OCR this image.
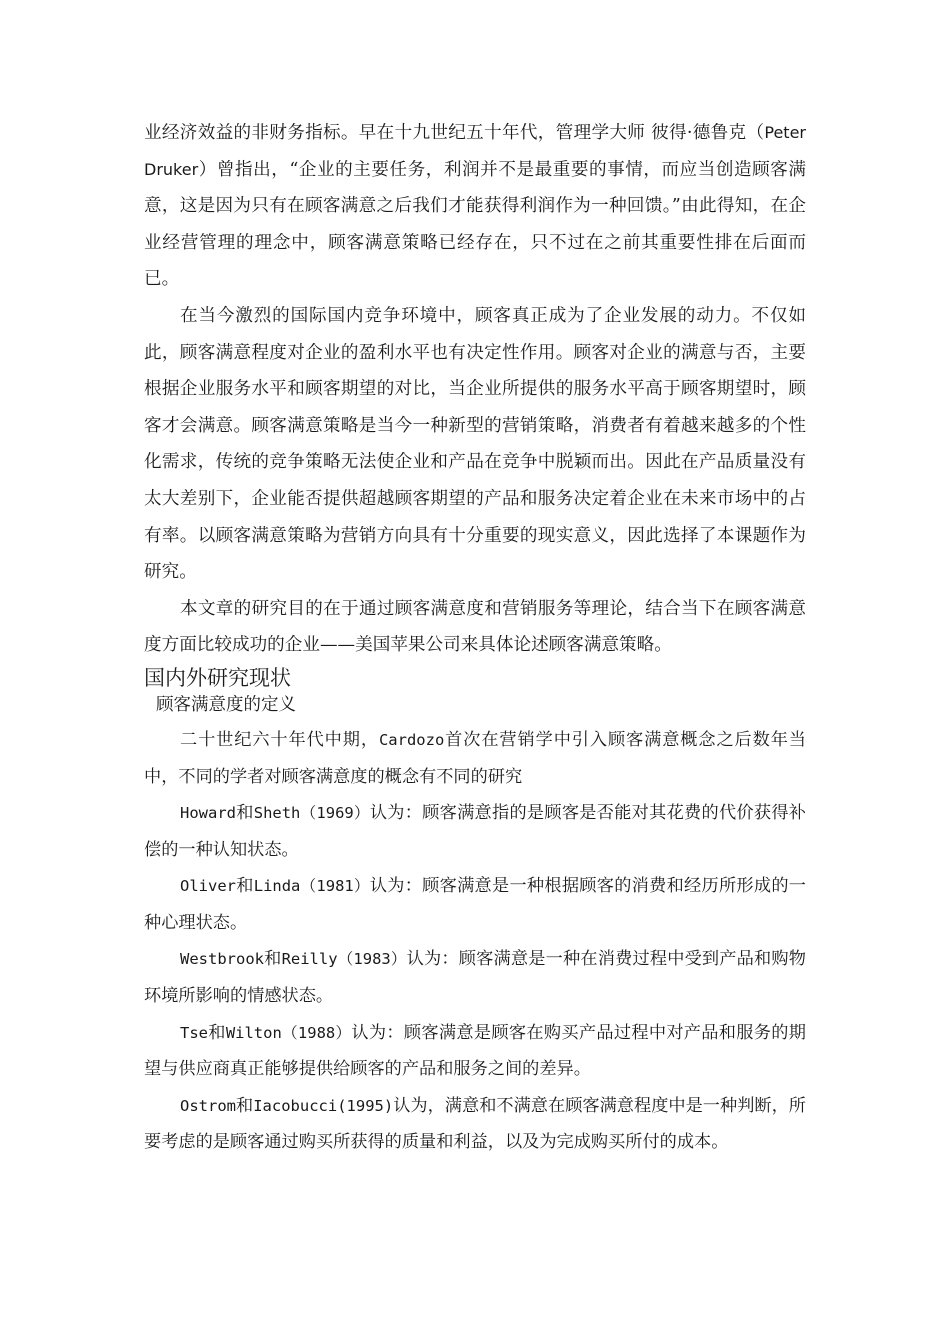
业经济效益的非财务指标。早在十九世纪五十年代，管理学大师 彼得·德鲁克（Peter Druker）曾指出，“企业的主要任务，利润并不是最重要的事情，而应当创造顾客满意，这是因为只有在顾客满意之后我们才能获得利润作为一种回馈。”由此得知，在企业经营管理的理念中，顾客满意策略已经存在，只不过在之前其重要性排在后面而已。

在当今激烈的国际国内竞争环境中，顾客真正成为了企业发展的动力。不仅如此，顾客满意程度对企业的盈利水平也有决定性作用。顾客对企业的满意与否，主要根据企业服务水平和顾客期望的对比，当企业所提供的服务水平高于顾客期望时，顾客才会满意。顾客满意策略是当今一种新型的营销策略，消费者有着越来越多的个性化需求，传统的竞争策略无法使企业和产品在竞争中脱颖而出。因此在产品质量没有太大差别下，企业能否提供超越顾客期望的产品和服务决定着企业在未来市场中的占有率。以顾客满意策略为营销方向具有十分重要的现实意义，因此选择了本课题作为研究。

本文章的研究目的在于通过顾客满意度和营销服务等理论，结合当下在顾客满意度方面比较成功的企业——美国苹果公司来具体论述顾客满意策略。

国内外研究现状
顾客满意度的定义

二十世纪六十年代中期，Cardozo首次在营销学中引入顾客满意概念之后数年当中，不同的学者对顾客满意度的概念有不同的研究

Howard和Sheth（1969）认为：顾客满意指的是顾客是否能对其花费的代价获得补偿的一种认知状态。

Oliver和Linda（1981）认为：顾客满意是一种根据顾客的消费和经历所形成的一种心理状态。

Westbrook和Reilly（1983）认为：顾客满意是一种在消费过程中受到产品和购物环境所影响的情感状态。

Tse和Wilton（1988）认为：顾客满意是顾客在购买产品过程中对产品和服务的期望与供应商真正能够提供给顾客的产品和服务之间的差异。

Ostrom和Iacobucci(1995)认为，满意和不满意在顾客满意程度中是一种判断，所要考虑的是顾客通过购买所获得的质量和利益，以及为完成购买所付的成本。
